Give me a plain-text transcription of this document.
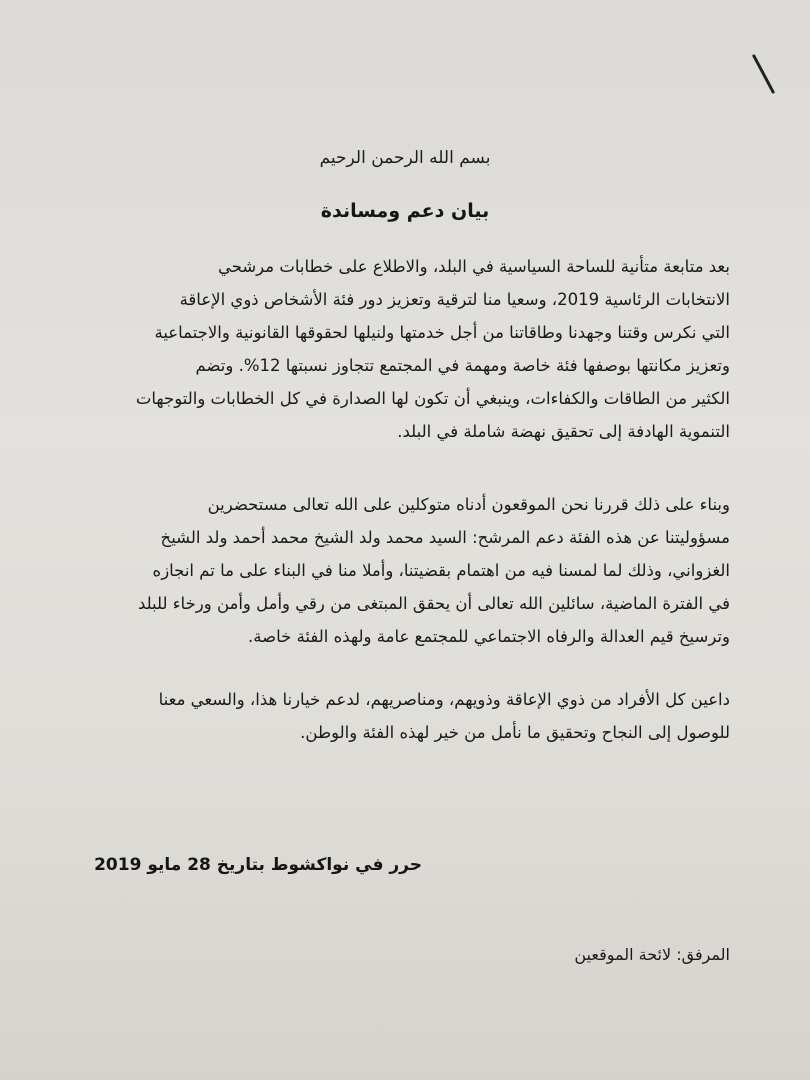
بسم الله الرحمن الرحيم
بيان دعم ومساندة
بعد متابعة متأنية للساحة السياسية في البلد، والاطلاع على خطابات مرشحي
الانتخابات الرئاسية 2019، وسعيا منا لترقية وتعزيز دور فئة الأشخاص ذوي الإعاقة
التي نكرس وقتنا وجهدنا وطاقاتنا من أجل خدمتها ولنيلها لحقوقها القانونية والاجتماعية
وتعزيز مكانتها بوصفها فئة خاصة ومهمة في المجتمع تتجاوز نسبتها 12%. وتضم
الكثير من الطاقات والكفاءات، وينبغي أن تكون لها الصدارة في كل الخطابات والتوجهات
التنموية الهادفة إلى تحقيق نهضة شاملة في البلد.
وبناء على ذلك قررنا نحن الموقعون أدناه متوكلين على الله تعالى مستحضرين
مسؤوليتنا عن هذه الفئة دعم المرشح: السيد محمد ولد الشيخ محمد أحمد ولد الشيخ
الغزواني، وذلك لما لمسنا فيه من اهتمام بقضيتنا، وأملا منا في البناء على ما تم انجازه
في الفترة الماضية، سائلين الله تعالى أن يحقق المبتغى من رقي وأمل وأمن ورخاء للبلد
وترسيخ قيم العدالة والرفاه الاجتماعي للمجتمع عامة ولهذه الفئة خاصة.
داعين كل الأفراد من ذوي الإعاقة وذويهم، ومناصريهم، لدعم خيارنا هذا، والسعي معنا
للوصول إلى النجاح وتحقيق ما نأمل من خير لهذه الفئة والوطن.
حرر في نواكشوط بتاريخ 28 مايو 2019
المرفق: لائحة الموقعين
